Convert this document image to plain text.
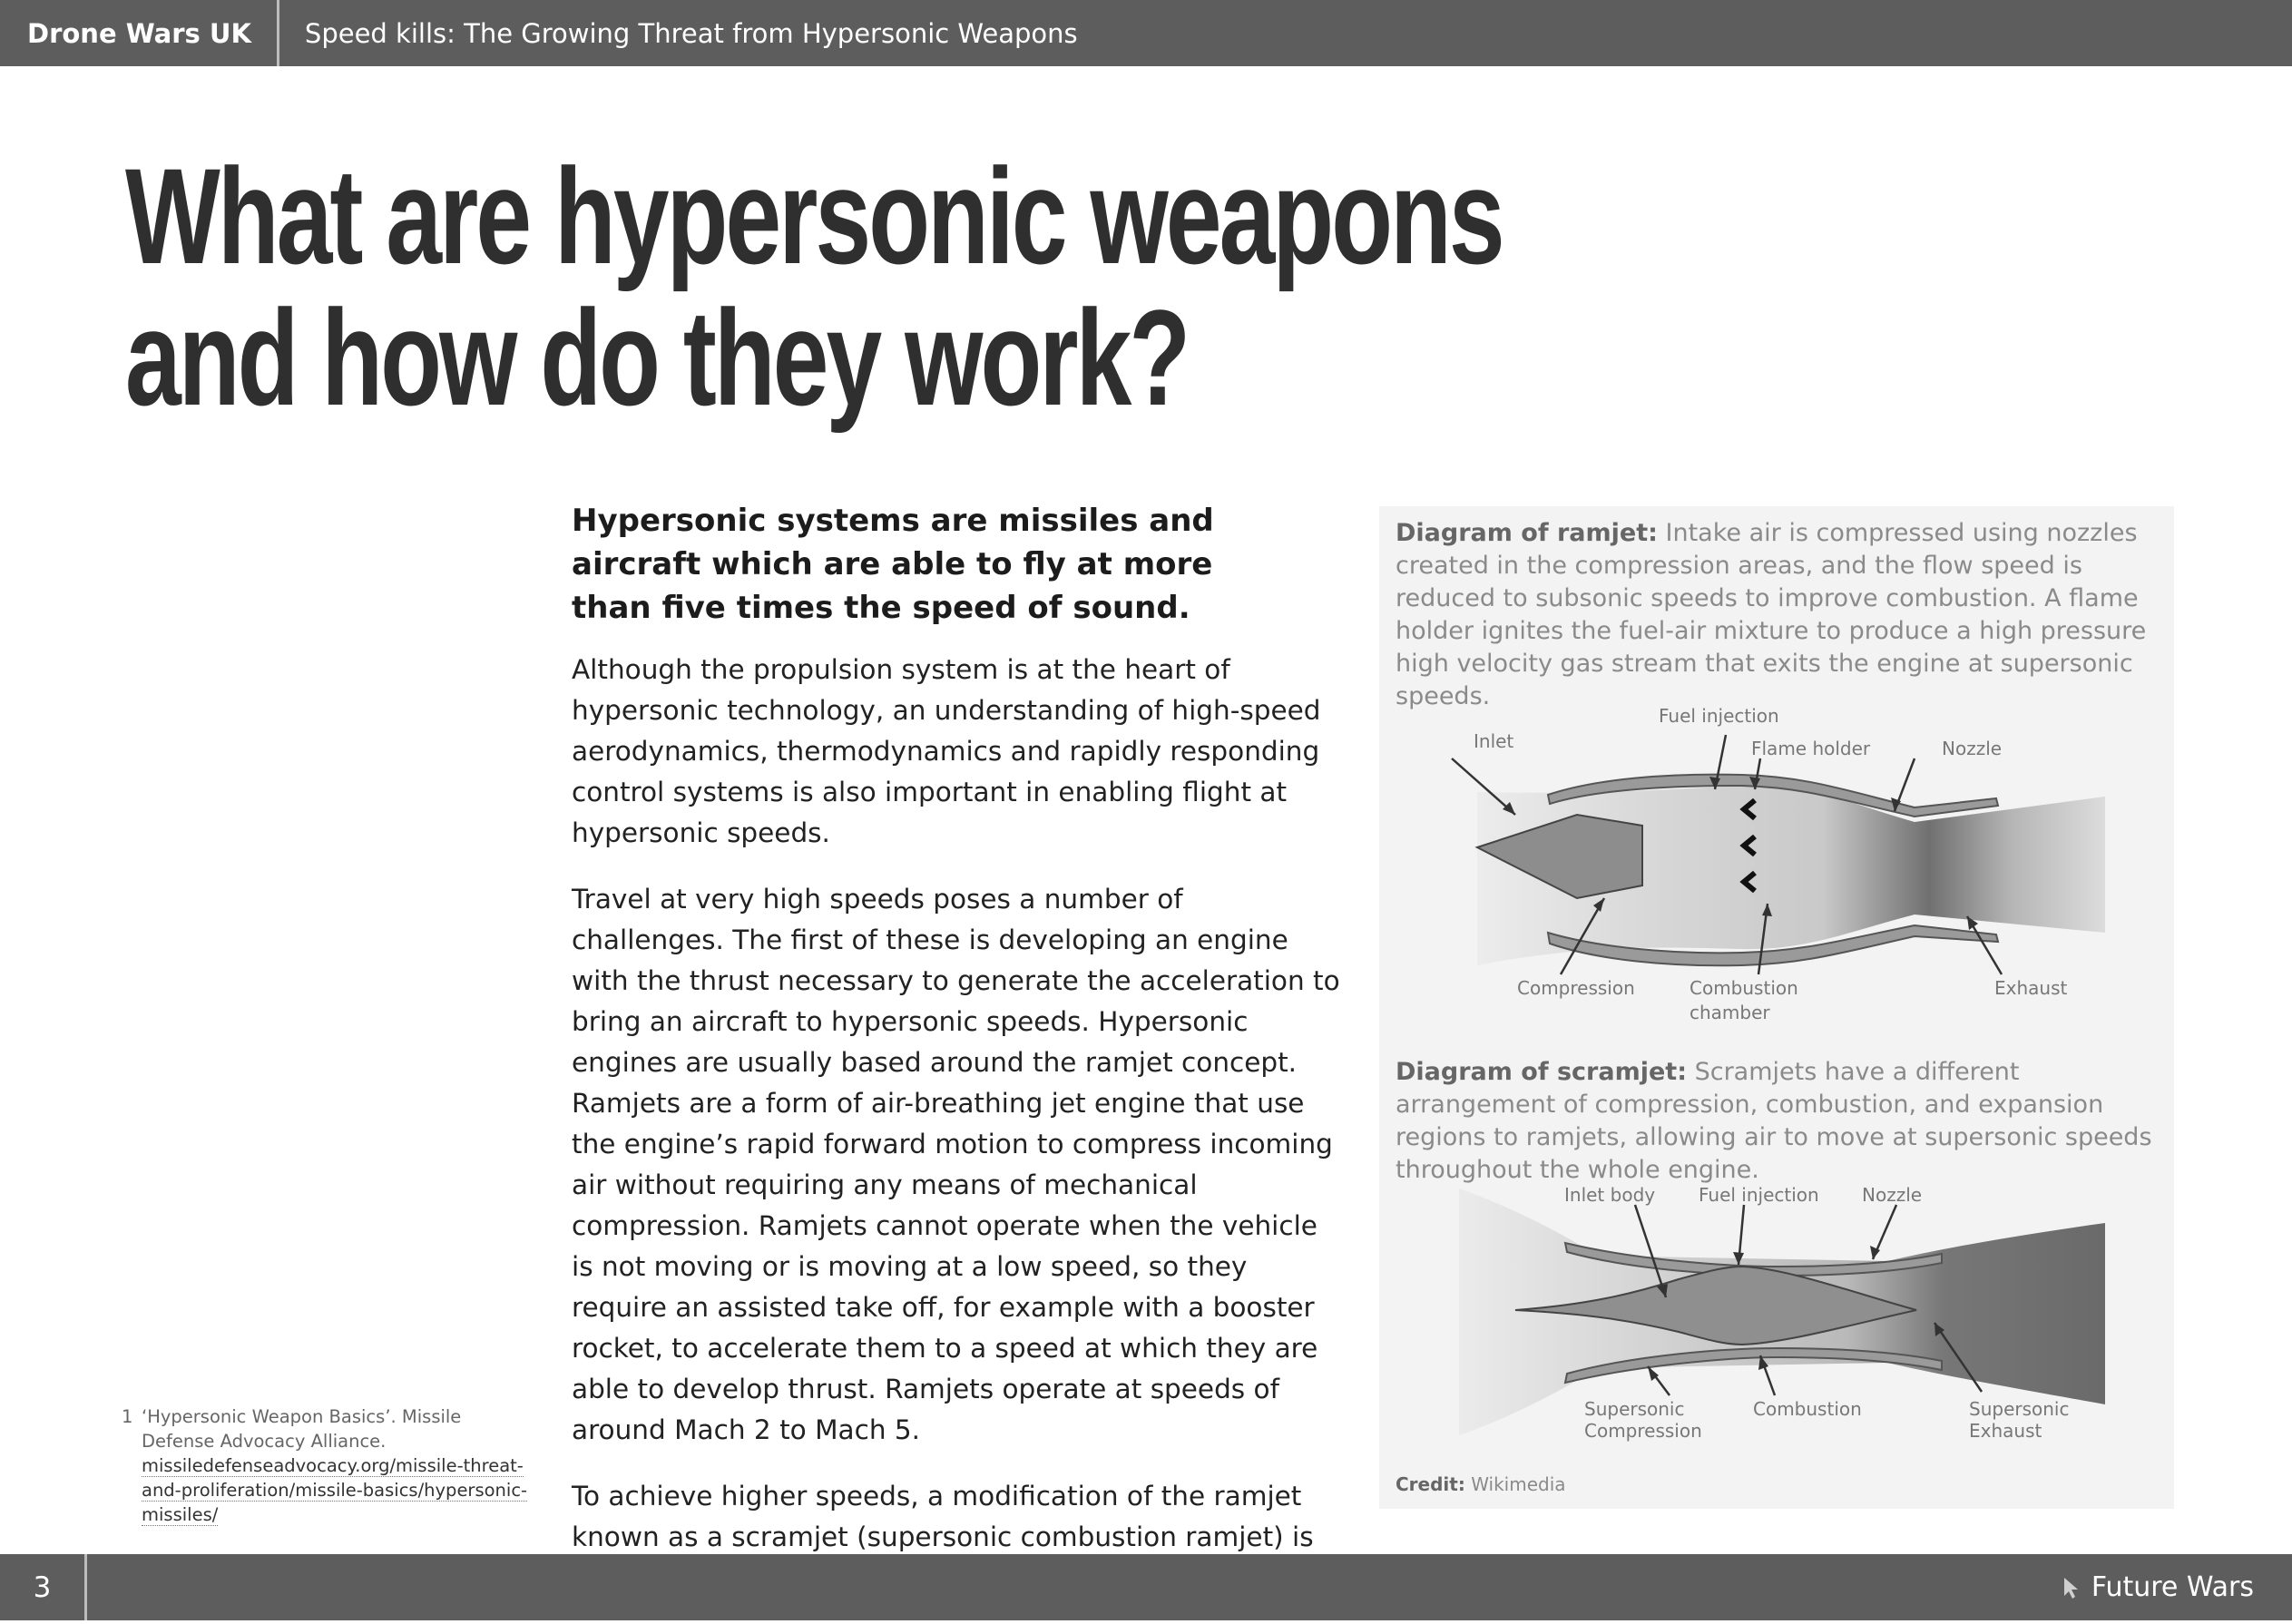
Drone Wars UK	Speed kills: The Growing Threat from Hypersonic Weapons
What are hypersonic weapons
and how do they work?

Hypersonic systems are missiles and aircraft which are able to fly at more than five times the speed of sound.

Although the propulsion system is at the heart of hypersonic technology, an understanding of high-speed aerodynamics, thermodynamics and rapidly responding control systems is also important in enabling flight at hypersonic speeds.

Travel at very high speeds poses a number of challenges. The first of these is developing an engine with the thrust necessary to generate the acceleration to bring an aircraft to hypersonic speeds. Hypersonic engines are usually based around the ramjet concept. Ramjets are a form of air-breathing jet engine that use the engine’s rapid forward motion to compress incoming air without requiring any means of mechanical compression. Ramjets cannot operate when the vehicle is not moving or is moving at a low speed, so they require an assisted take off, for example with a booster rocket, to accelerate them to a speed at which they are able to develop thrust. Ramjets operate at speeds of around Mach 2 to Mach 5.

To achieve higher speeds, a modification of the ramjet known as a scramjet (supersonic combustion ramjet) is

1 ‘Hypersonic Weapon Basics’. Missile Defense Advocacy Alliance. missiledefenseadvocacy.org/missile-threat-and-proliferation/missile-basics/hypersonic-missiles/

Diagram of ramjet: Intake air is compressed using nozzles created in the compression areas, and the flow speed is reduced to subsonic speeds to improve combustion. A flame holder ignites the fuel-air mixture to produce a high pressure high velocity gas stream that exits the engine at supersonic speeds.

Inlet
Fuel injection
Flame holder	Nozzle
Compression	Combustion
chamber
Exhaust

Diagram of scramjet: Scramjets have a different arrangement of compression, combustion, and expansion regions to ramjets, allowing air to move at supersonic speeds throughout the whole engine.

Inlet body Fuel injection Nozzle
Supersonic
Compression
Combustion	Supersonic
Exhaust
Credit: Wikimedia
3	Future Wars
